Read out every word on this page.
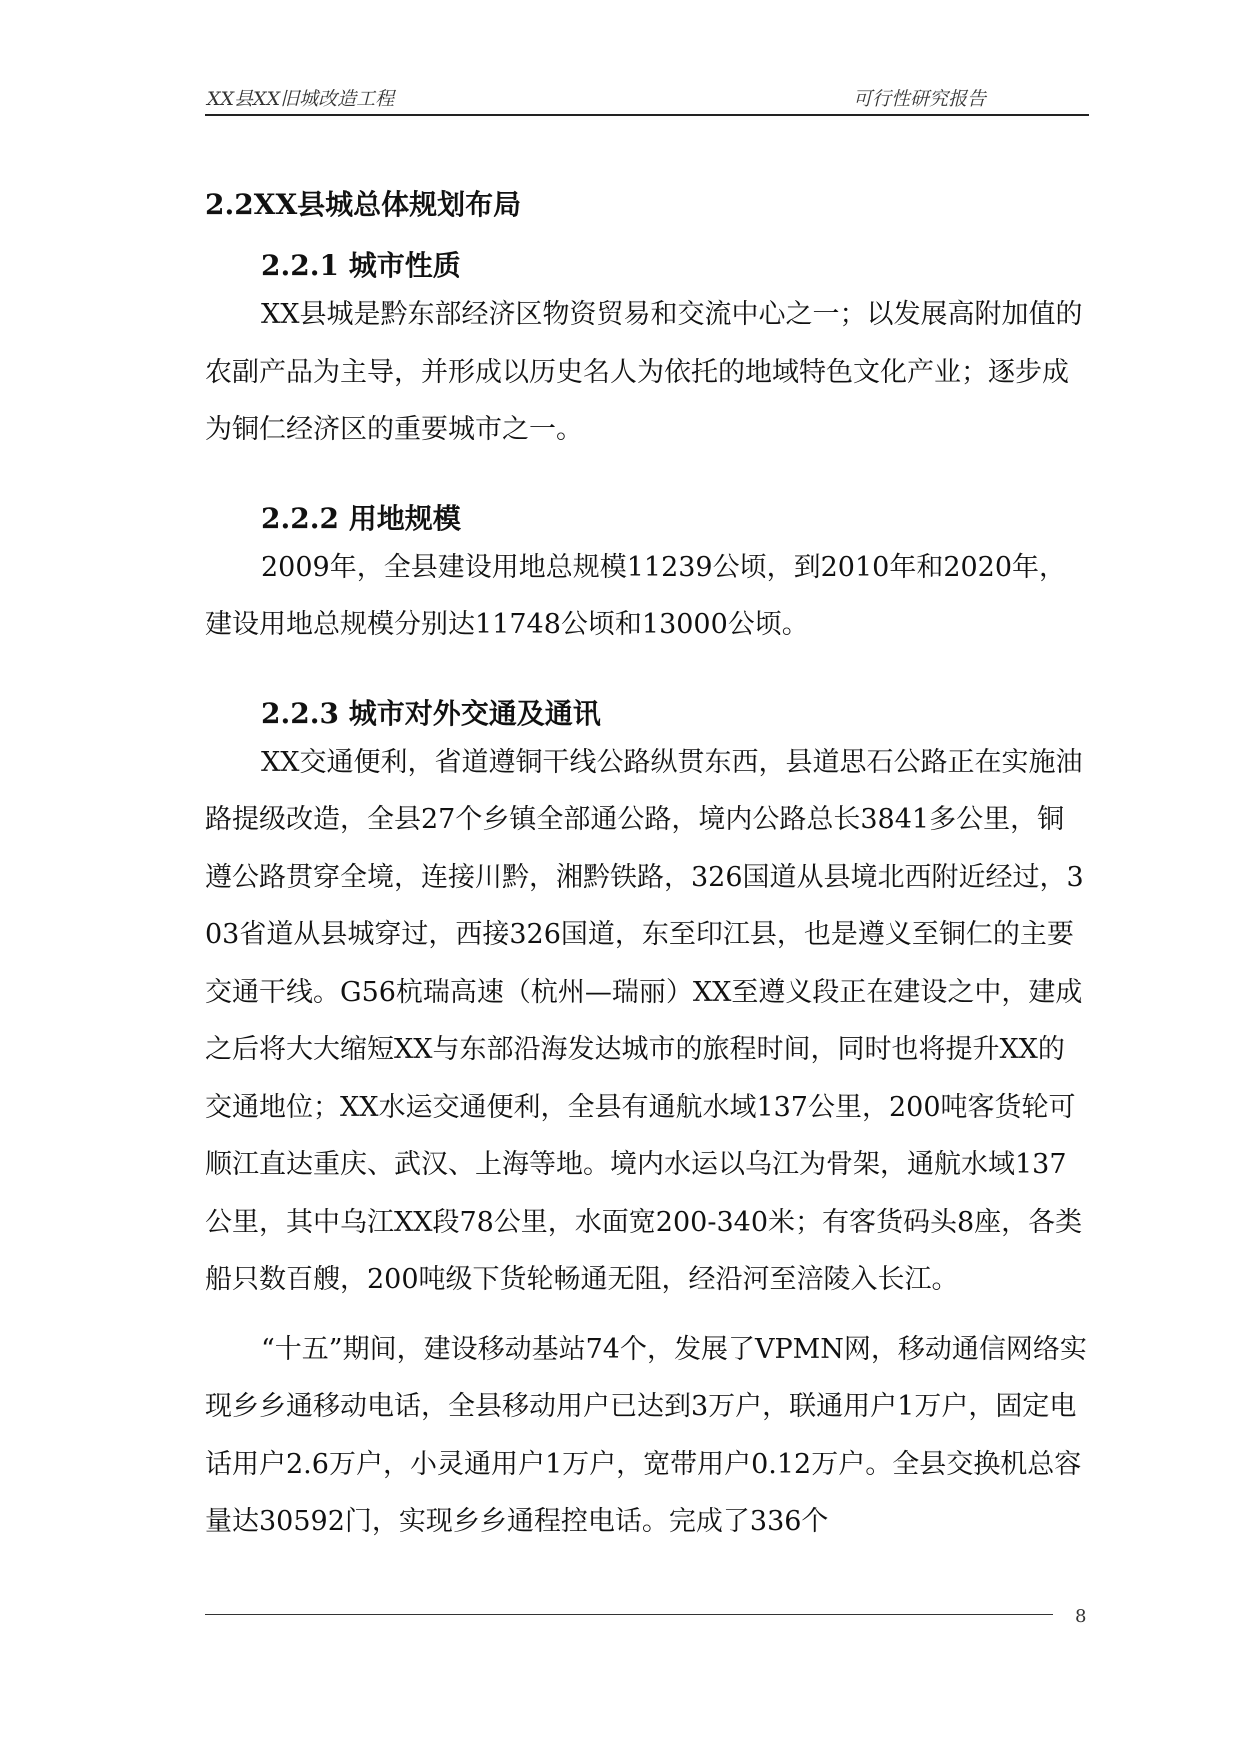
XX县XX旧城改造工程	可行性研究报告
2.2XX县城总体规划布局
2.2.1 城市性质

XX县城是黔东部经济区物资贸易和交流中心之一；以发展高附加值的农副产品为主导，并形成以历史名人为依托的地域特色文化产业；逐步成为铜仁经济区的重要城市之一。

2.2.2 用地规模

2009年，全县建设用地总规模11239公顷，到2010年和2020年，建设用地总规模分别达11748公顷和13000公顷。

2.2.3 城市对外交通及通讯

XX交通便利，省道遵铜干线公路纵贯东西，县道思石公路正在实施油路提级改造，全县27个乡镇全部通公路，境内公路总长3841多公里，铜遵公路贯穿全境，连接川黔，湘黔铁路，326国道从县境北西附近经过，303省道从县城穿过，西接326国道，东至印江县，也是遵义至铜仁的主要交通干线。G56杭瑞高速（杭州—瑞丽）XX至遵义段正在建设之中，建成之后将大大缩短XX与东部沿海发达城市的旅程时间，同时也将提升XX的交通地位；XX水运交通便利，全县有通航水域137公里，200吨客货轮可顺江直达重庆、武汉、上海等地。境内水运以乌江为骨架，通航水域137公里，其中乌江XX段78公里，水面宽200-340米；有客货码头8座，各类船只数百艘，200吨级下货轮畅通无阻，经沿河至涪陵入长江。

“十五”期间，建设移动基站74个，发展了VPMN网，移动通信网络实现乡乡通移动电话，全县移动用户已达到3万户，联通用户1万户，固定电话用户2.6万户，小灵通用户1万户，宽带用户0.12万户。全县交换机总容量达30592门，实现乡乡通程控电话。完成了336个

8
